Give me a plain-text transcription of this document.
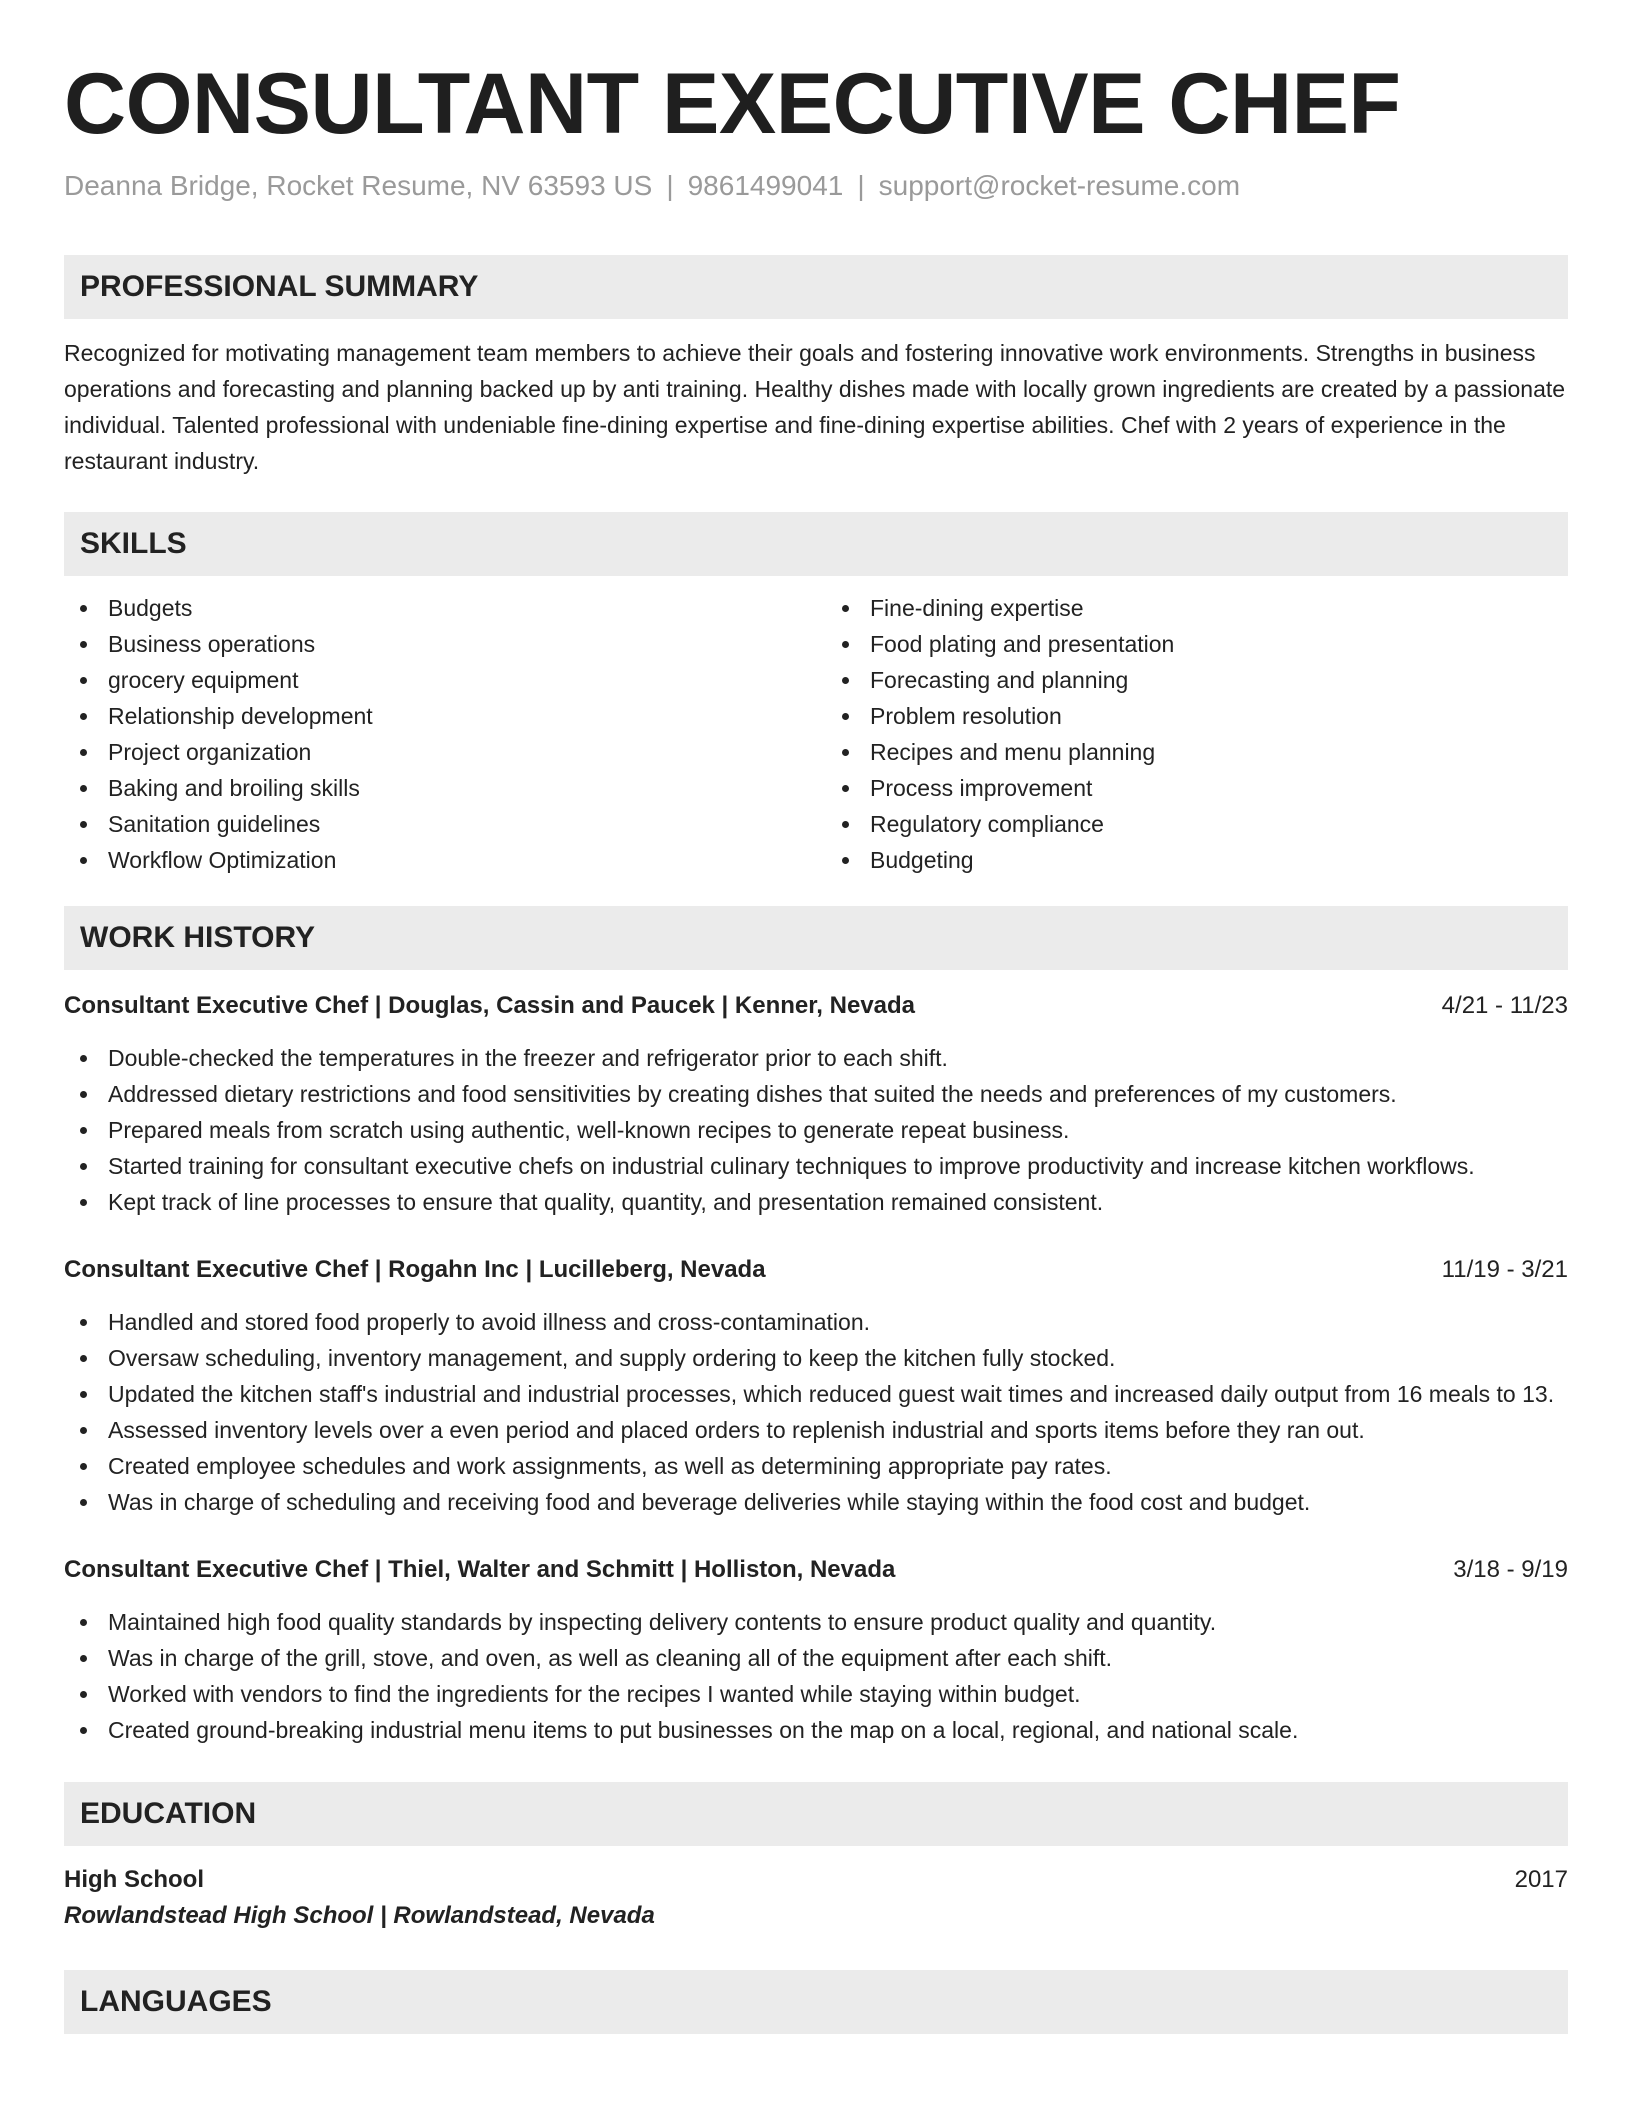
CONSULTANT EXECUTIVE CHEF
Deanna Bridge, Rocket Resume, NV 63593 US | 9861499041 | support@rocket-resume.com
PROFESSIONAL SUMMARY

Recognized for motivating management team members to achieve their goals and fostering innovative work environments. Strengths in business operations and forecasting and planning backed up by anti training. Healthy dishes made with locally grown ingredients are created by a passionate individual. Talented professional with undeniable fine-dining expertise and fine-dining expertise abilities. Chef with 2 years of experience in the restaurant industry.

SKILLS
Budgets
Business operations
grocery equipment
Relationship development
Project organization
Baking and broiling skills
Sanitation guidelines
Workflow Optimization
Fine-dining expertise
Food plating and presentation
Forecasting and planning
Problem resolution
Recipes and menu planning
Process improvement
Regulatory compliance
Budgeting
WORK HISTORY
Consultant Executive Chef | Douglas, Cassin and Paucek | Kenner, Nevada	4/21 - 11/23
Double-checked the temperatures in the freezer and refrigerator prior to each shift.
Addressed dietary restrictions and food sensitivities by creating dishes that suited the needs and preferences of my customers.
Prepared meals from scratch using authentic, well-known recipes to generate repeat business.
Started training for consultant executive chefs on industrial culinary techniques to improve productivity and increase kitchen workflows.
Kept track of line processes to ensure that quality, quantity, and presentation remained consistent.
Consultant Executive Chef | Rogahn Inc | Lucilleberg, Nevada	11/19 - 3/21
Handled and stored food properly to avoid illness and cross-contamination.
Oversaw scheduling, inventory management, and supply ordering to keep the kitchen fully stocked.
Updated the kitchen staff's industrial and industrial processes, which reduced guest wait times and increased daily output from 16 meals to 13.
Assessed inventory levels over a even period and placed orders to replenish industrial and sports items before they ran out.
Created employee schedules and work assignments, as well as determining appropriate pay rates.
Was in charge of scheduling and receiving food and beverage deliveries while staying within the food cost and budget.
Consultant Executive Chef | Thiel, Walter and Schmitt | Holliston, Nevada	3/18 - 9/19
Maintained high food quality standards by inspecting delivery contents to ensure product quality and quantity.
Was in charge of the grill, stove, and oven, as well as cleaning all of the equipment after each shift.
Worked with vendors to find the ingredients for the recipes I wanted while staying within budget.
Created ground-breaking industrial menu items to put businesses on the map on a local, regional, and national scale.
EDUCATION
High School	2017
Rowlandstead High School | Rowlandstead, Nevada
LANGUAGES
